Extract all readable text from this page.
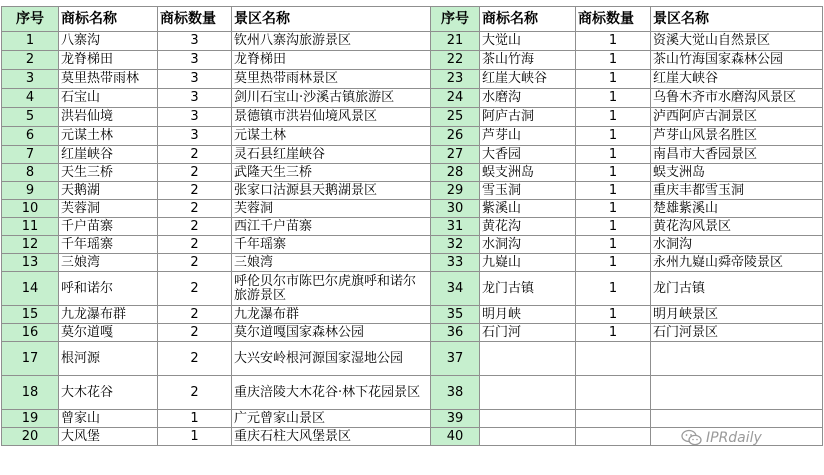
序号	商标名称	商标数量	景区名称	序号	商标名称	商标数量	景区名称
1	八寨沟	3	钦州八寨沟旅游景区	21	大觉山	1	资溪大觉山自然景区
2	龙脊梯田	3	龙脊梯田	22	茶山竹海	1	茶山竹海国家森林公园
3	莫里热带雨林	3	莫里热带雨林景区	23	红崖大峡谷	1	红崖大峡谷
4	石宝山	3	剑川石宝山·沙溪古镇旅游区	24	水磨沟	1	乌鲁木齐市水磨沟风景区
5	洪岩仙境	3	景德镇市洪岩仙境风景区	25	阿庐古洞	1	泸西阿庐古洞景区
6	元谋土林	3	元谋土林	26	芦芽山	1	芦芽山风景名胜区
7	红崖峡谷	2	灵石县红崖峡谷	27	大香园	1	南昌市大香园景区
8	天生三桥	2	武隆天生三桥	28	蜈支洲岛	1	蜈支洲岛
9	天鹅湖	2	张家口沽源县天鹅湖景区	29	雪玉洞	1	重庆丰都雪玉洞
10	芙蓉洞	2	芙蓉洞	30	紫溪山	1	楚雄紫溪山
11	千户苗寨	2	西江千户苗寨	31	黄花沟	1	黄花沟风景区
12	千年瑶寨	2	千年瑶寨	32	水洞沟	1	水洞沟
13	三娘湾	2	三娘湾	33	九嶷山	1	永州九嶷山舜帝陵景区
14	呼和诺尔	2	呼伦贝尔市陈巴尔虎旗呼和诺尔旅游景区	34	龙门古镇	1	龙门古镇
15	九龙瀑布群	2	九龙瀑布群	35	明月峡	1	明月峡景区
16	莫尔道嘎	2	莫尔道嘎国家森林公园	36	石门河	1	石门河景区
17	根河源	2	大兴安岭根河源国家湿地公园	37			
18	大木花谷	2	重庆涪陵大木花谷·林下花园景区	38			
19	曾家山	1	广元曾家山景区	39			
20	大风堡	1	重庆石柱大风堡景区	40				IPRdaily
